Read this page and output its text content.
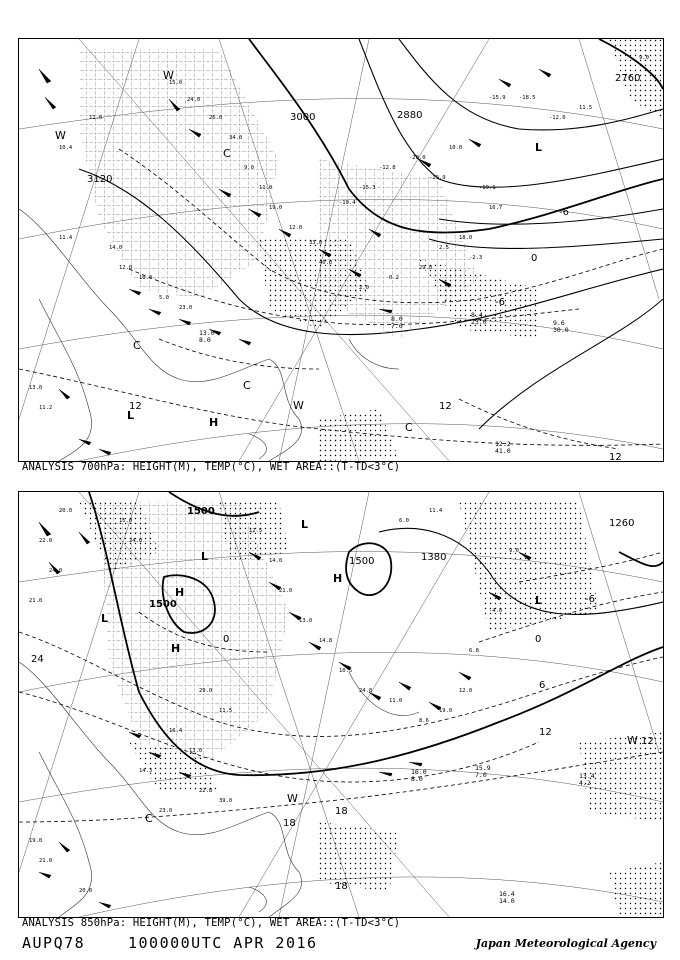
3000
3120
2880
2760
-6
0
-6
12	12
12
L
L
H
C
C
C
C
W
W
W
12.2
41.0
9.6
30.0
8.4
23.0
8.0
7.0
13.0
8.0
15.0
24.0
26.0
34.0
9.0
11.0
19.0
12.0
33.0
40.0
-10.4
-15.3
-12.8
-20.0
-19.9
10.0
-19.1
16.7
18.0
-2.3
2.5
29.0
0.2
2.0
14.0
12.0
10.0
5.0
23.0
11.4
13.0
11.2
11.0
10.4
-18.5
-12.0
11.5
9.0
-15.9
ANALYSIS 700hPa: HEIGHT(M), TEMP(°C), WET AREA::(T-TD<3°C)
1500
1500
1380
1260
1500
-6
0
6
12
12
18
18
18
24
0
H
H
H
L
L
L
L
C
W
W
16.0
8.0
15.9
7.0	13.4
4.2
16.4
14.0
20.0
22.0
24.0
21.0
15.0
24.0
12.5
14.0
21.0
13.0
14.8
10.5
24.0
11.0
8.6
19.0
12.0
6.8
-4.0
9.0
11.4
6.0
29.0
11.5
16.4
13.0
14.3
19.0
21.0
20.0
22.8
39.0
23.0
ANALYSIS 850hPa: HEIGHT(M), TEMP(°C), WET AREA::(T-TD<3°C)
AUPQ78	100000UTC APR 2016	Japan Meteorological Agency
